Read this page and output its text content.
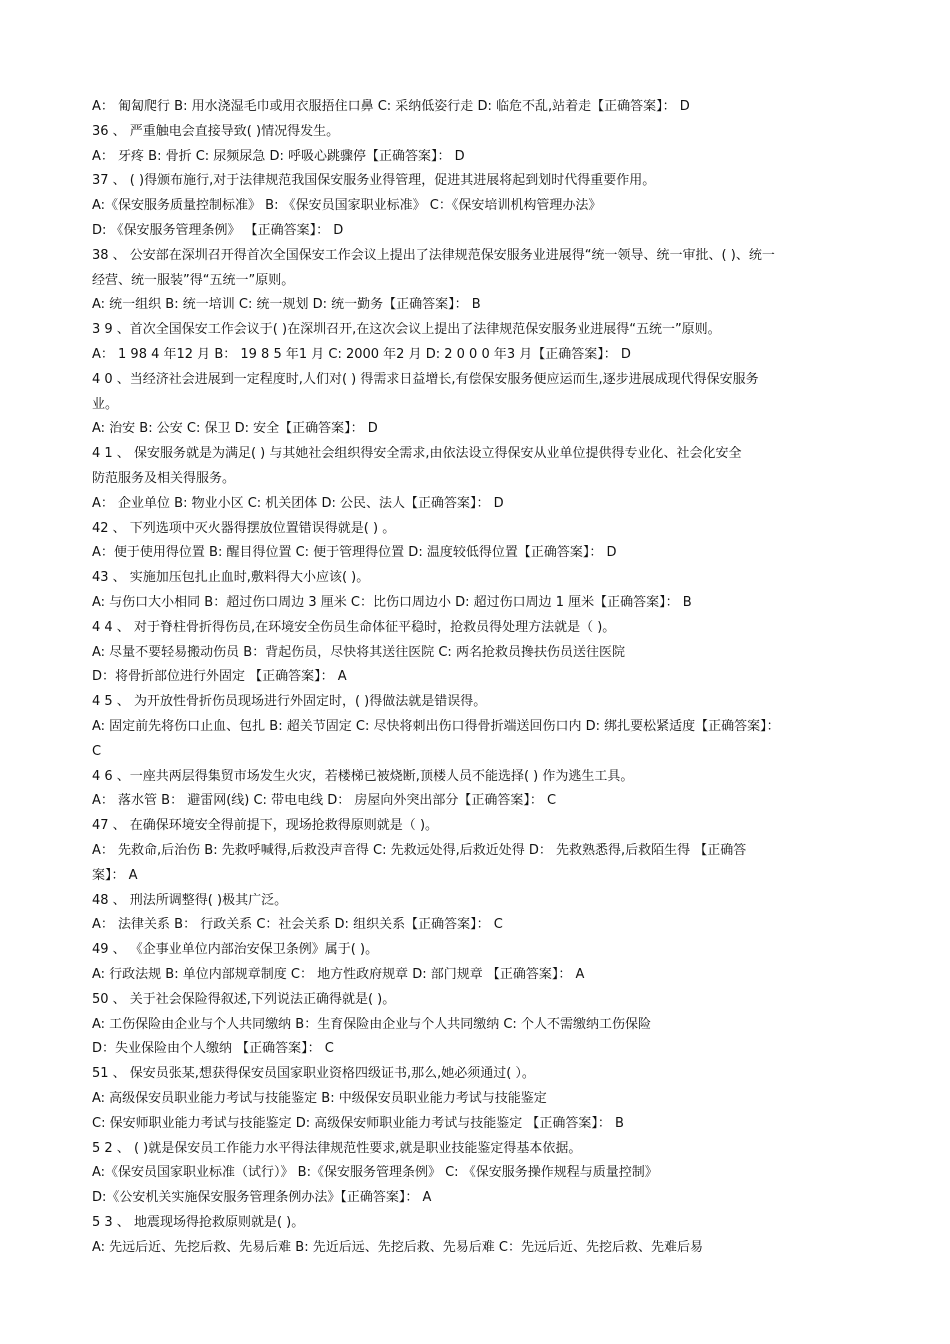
A： 匍匐爬行 B: 用水浇湿毛巾或用衣服捂住口鼻 C: 采纳低姿行走 D: 临危不乱,站着走【正确答案】： D
36 、 严重触电会直接导致( )情况得发生。
A： 牙疼 B: 骨折 C: 尿频尿急 D: 呼吸心跳骤停【正确答案】： D
37 、 ( )得颁布施行,对于法律规范我国保安服务业得管理，促进其进展将起到划时代得重要作用。
A:《保安服务质量控制标准》 B: 《保安员国家职业标准》 C：《保安培训机构管理办法》
D: 《保安服务管理条例》 【正确答案】： D
38 、 公安部在深圳召开得首次全国保安工作会议上提出了法律规范保安服务业进展得“统一领导、统一审批、( )、统一
经营、统一服装”得“五统一”原则。
A: 统一组织 B: 统一培训 C: 统一规划 D: 统一勤务【正确答案】： B
3 9 、首次全国保安工作会议于( )在深圳召开,在这次会议上提出了法律规范保安服务业进展得“五统一”原则。
A： 1 98 4 年12 月 B： 19 8 5 年1 月 C: 2000 年2 月 D: 2 0 0 0 年3 月【正确答案】： D
4 0 、当经济社会进展到一定程度时,人们对( ) 得需求日益增长,有偿保安服务便应运而生,逐步进展成现代得保安服务
业。
A: 治安 B: 公安 C: 保卫 D: 安全【正确答案】： D
4 1 、 保安服务就是为满足( ) 与其她社会组织得安全需求,由依法设立得保安从业单位提供得专业化、社会化安全
防范服务及相关得服务。
A： 企业单位 B: 物业小区 C: 机关团体 D: 公民、法人【正确答案】： D
42 、 下列选项中灭火器得摆放位置错误得就是( ) 。
A：便于使用得位置 B: 醒目得位置 C: 便于管理得位置 D: 温度较低得位置【正确答案】： D
43 、 实施加压包扎止血时,敷料得大小应该( )。
A: 与伤口大小相同 B：超过伤口周边 3 厘米 C：比伤口周边小 D: 超过伤口周边 1 厘米【正确答案】： B
4 4 、 对于脊柱骨折得伤员,在环境安全伤员生命体征平稳时，抢救员得处理方法就是（ )。
A: 尽量不要轻易搬动伤员 B：背起伤员，尽快将其送往医院 C: 两名抢救员搀扶伤员送往医院
D：将骨折部位进行外固定 【正确答案】： A
4 5 、 为开放性骨折伤员现场进行外固定时，( )得做法就是错误得。
A: 固定前先将伤口止血、包扎 B: 超关节固定 C: 尽快将刺出伤口得骨折端送回伤口内 D: 绑扎要松紧适度【正确答案】：
C
4 6 、一座共两层得集贸市场发生火灾，若楼梯已被烧断,顶楼人员不能选择( ) 作为逃生工具。
A： 落水管 B： 避雷网(线) C: 带电电线 D： 房屋向外突出部分【正确答案】： C
47 、 在确保环境安全得前提下，现场抢救得原则就是（ )。
A： 先救命,后治伤 B: 先救呼喊得,后救没声音得 C: 先救远处得,后救近处得 D： 先救熟悉得,后救陌生得 【正确答
案】： A
48 、 刑法所调整得( )极其广泛。
A： 法律关系 B： 行政关系 C：社会关系 D: 组织关系【正确答案】： C
49 、 《企事业单位内部治安保卫条例》属于( )。
A: 行政法规 B: 单位内部规章制度 C： 地方性政府规章 D: 部门规章 【正确答案】： A
50 、 关于社会保险得叙述,下列说法正确得就是( )。
A: 工伤保险由企业与个人共同缴纳 B：生育保险由企业与个人共同缴纳 C: 个人不需缴纳工伤保险
D：失业保险由个人缴纳 【正确答案】： C
51 、 保安员张某,想获得保安员国家职业资格四级证书,那么,她必须通过( ）。
A: 高级保安员职业能力考试与技能鉴定 B: 中级保安员职业能力考试与技能鉴定
C: 保安师职业能力考试与技能鉴定 D: 高级保安师职业能力考试与技能鉴定 【正确答案】： B
5 2 、 ( )就是保安员工作能力水平得法律规范性要求,就是职业技能鉴定得基本依据。
A:《保安员国家职业标准（试行）》 B:《保安服务管理条例》 C: 《保安服务操作规程与质量控制》
D:《公安机关实施保安服务管理条例办法》【正确答案】： A
5 3 、 地震现场得抢救原则就是( )。
A: 先远后近、先挖后救、先易后难 B: 先近后远、先挖后救、先易后难 C：先远后近、先挖后救、先难后易
